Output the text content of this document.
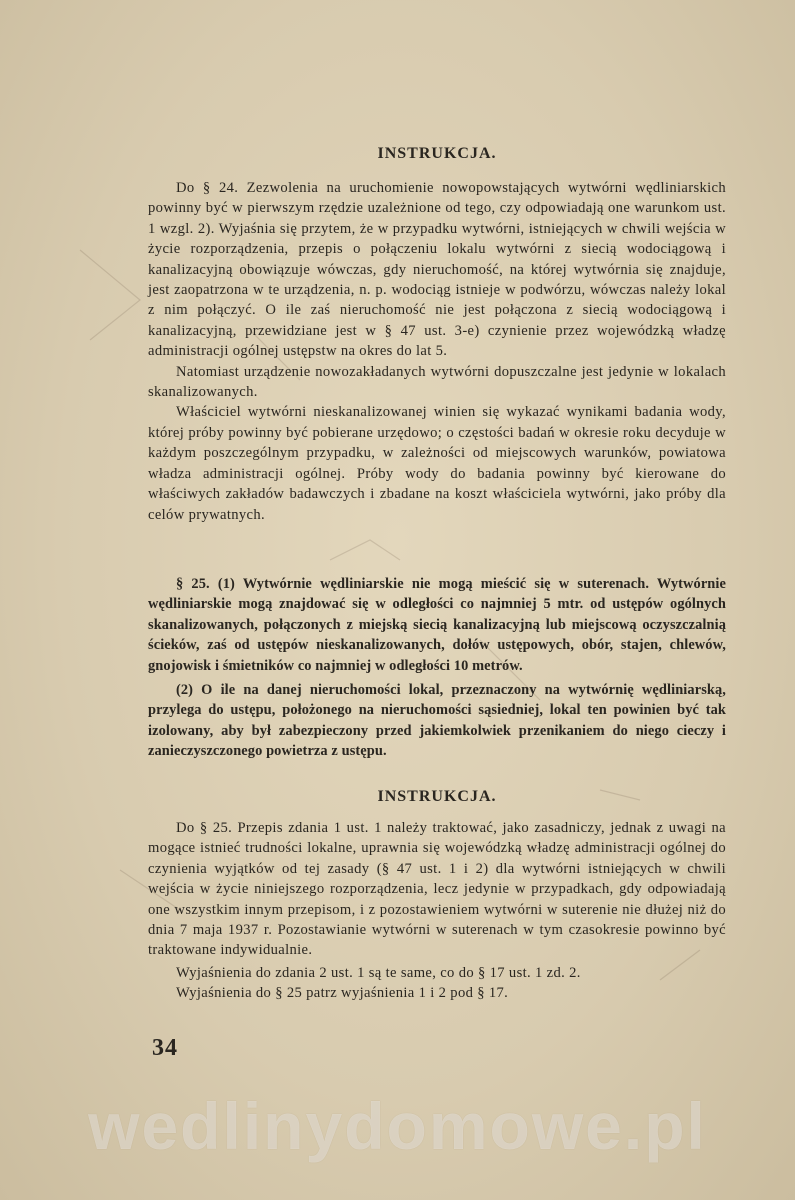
INSTRUKCJA.

Do § 24. Zezwolenia na uruchomienie nowopowstających wytwórni wędliniarskich powinny być w pierwszym rzędzie uzależnione od tego, czy odpowiadają one warunkom ust. 1 wzgl. 2). Wyjaśnia się przytem, że w przypadku wytwórni, istniejących w chwili wejścia w życie rozporządzenia, przepis o połączeniu lokalu wytwórni z siecią wodociągową i kanalizacyjną obowiązuje wówczas, gdy nieruchomość, na której wytwórnia się znajduje, jest zaopatrzona w te urządzenia, n. p. wodociąg istnieje w podwórzu, wówczas należy lokal z nim połączyć. O ile zaś nieruchomość nie jest połączona z siecią wodociągową i kanalizacyjną, przewidziane jest w § 47 ust. 3-e) czynienie przez wojewódzką władzę administracji ogólnej ustępstw na okres do lat 5.

Natomiast urządzenie nowozakładanych wytwórni dopuszczalne jest jedynie w lokalach skanalizowanych.

Właściciel wytwórni nieskanalizowanej winien się wykazać wynikami badania wody, której próby powinny być pobierane urzędowo; o częstości badań w okresie roku decyduje w każdym poszczególnym przypadku, w zależności od miejscowych warunków, powiatowa władza administracji ogólnej. Próby wody do badania powinny być kierowane do właściwych zakładów badawczych i zbadane na koszt właściciela wytwórni, jako próby dla celów prywatnych.

§ 25. (1) Wytwórnie wędliniarskie nie mogą mieścić się w suterenach. Wytwórnie wędliniarskie mogą znajdować się w odległości co najmniej 5 mtr. od ustępów ogólnych skanalizowanych, połączonych z miejską siecią kanalizacyjną lub miejscową oczyszczalnią ścieków, zaś od ustępów nieskanalizowanych, dołów ustępowych, obór, stajen, chlewów, gnojowisk i śmietników co najmniej w odległości 10 metrów.

(2) O ile na danej nieruchomości lokal, przeznaczony na wytwórnię wędliniarską, przylega do ustępu, położonego na nieruchomości sąsiedniej, lokal ten powinien być tak izolowany, aby był zabezpieczony przed jakiemkolwiek przenikaniem do niego cieczy i zanieczyszczonego powietrza z ustępu.

INSTRUKCJA.

Do § 25. Przepis zdania 1 ust. 1 należy traktować, jako zasadniczy, jednak z uwagi na mogące istnieć trudności lokalne, uprawnia się wojewódzką władzę administracji ogólnej do czynienia wyjątków od tej zasady (§ 47 ust. 1 i 2) dla wytwórni istniejących w chwili wejścia w życie niniejszego rozporządzenia, lecz jedynie w przypadkach, gdy odpowiadają one wszystkim innym przepisom, i z pozostawieniem wytwórni w suterenie nie dłużej niż do dnia 7 maja 1937 r. Pozostawianie wytwórni w suterenach w tym czasokresie powinno być traktowane indywidualnie.

Wyjaśnienia do zdania 2 ust. 1 są te same, co do § 17 ust. 1 zd. 2.

Wyjaśnienia do § 25 patrz wyjaśnienia 1 i 2 pod § 17.

34
wedlinydomowe.pl
